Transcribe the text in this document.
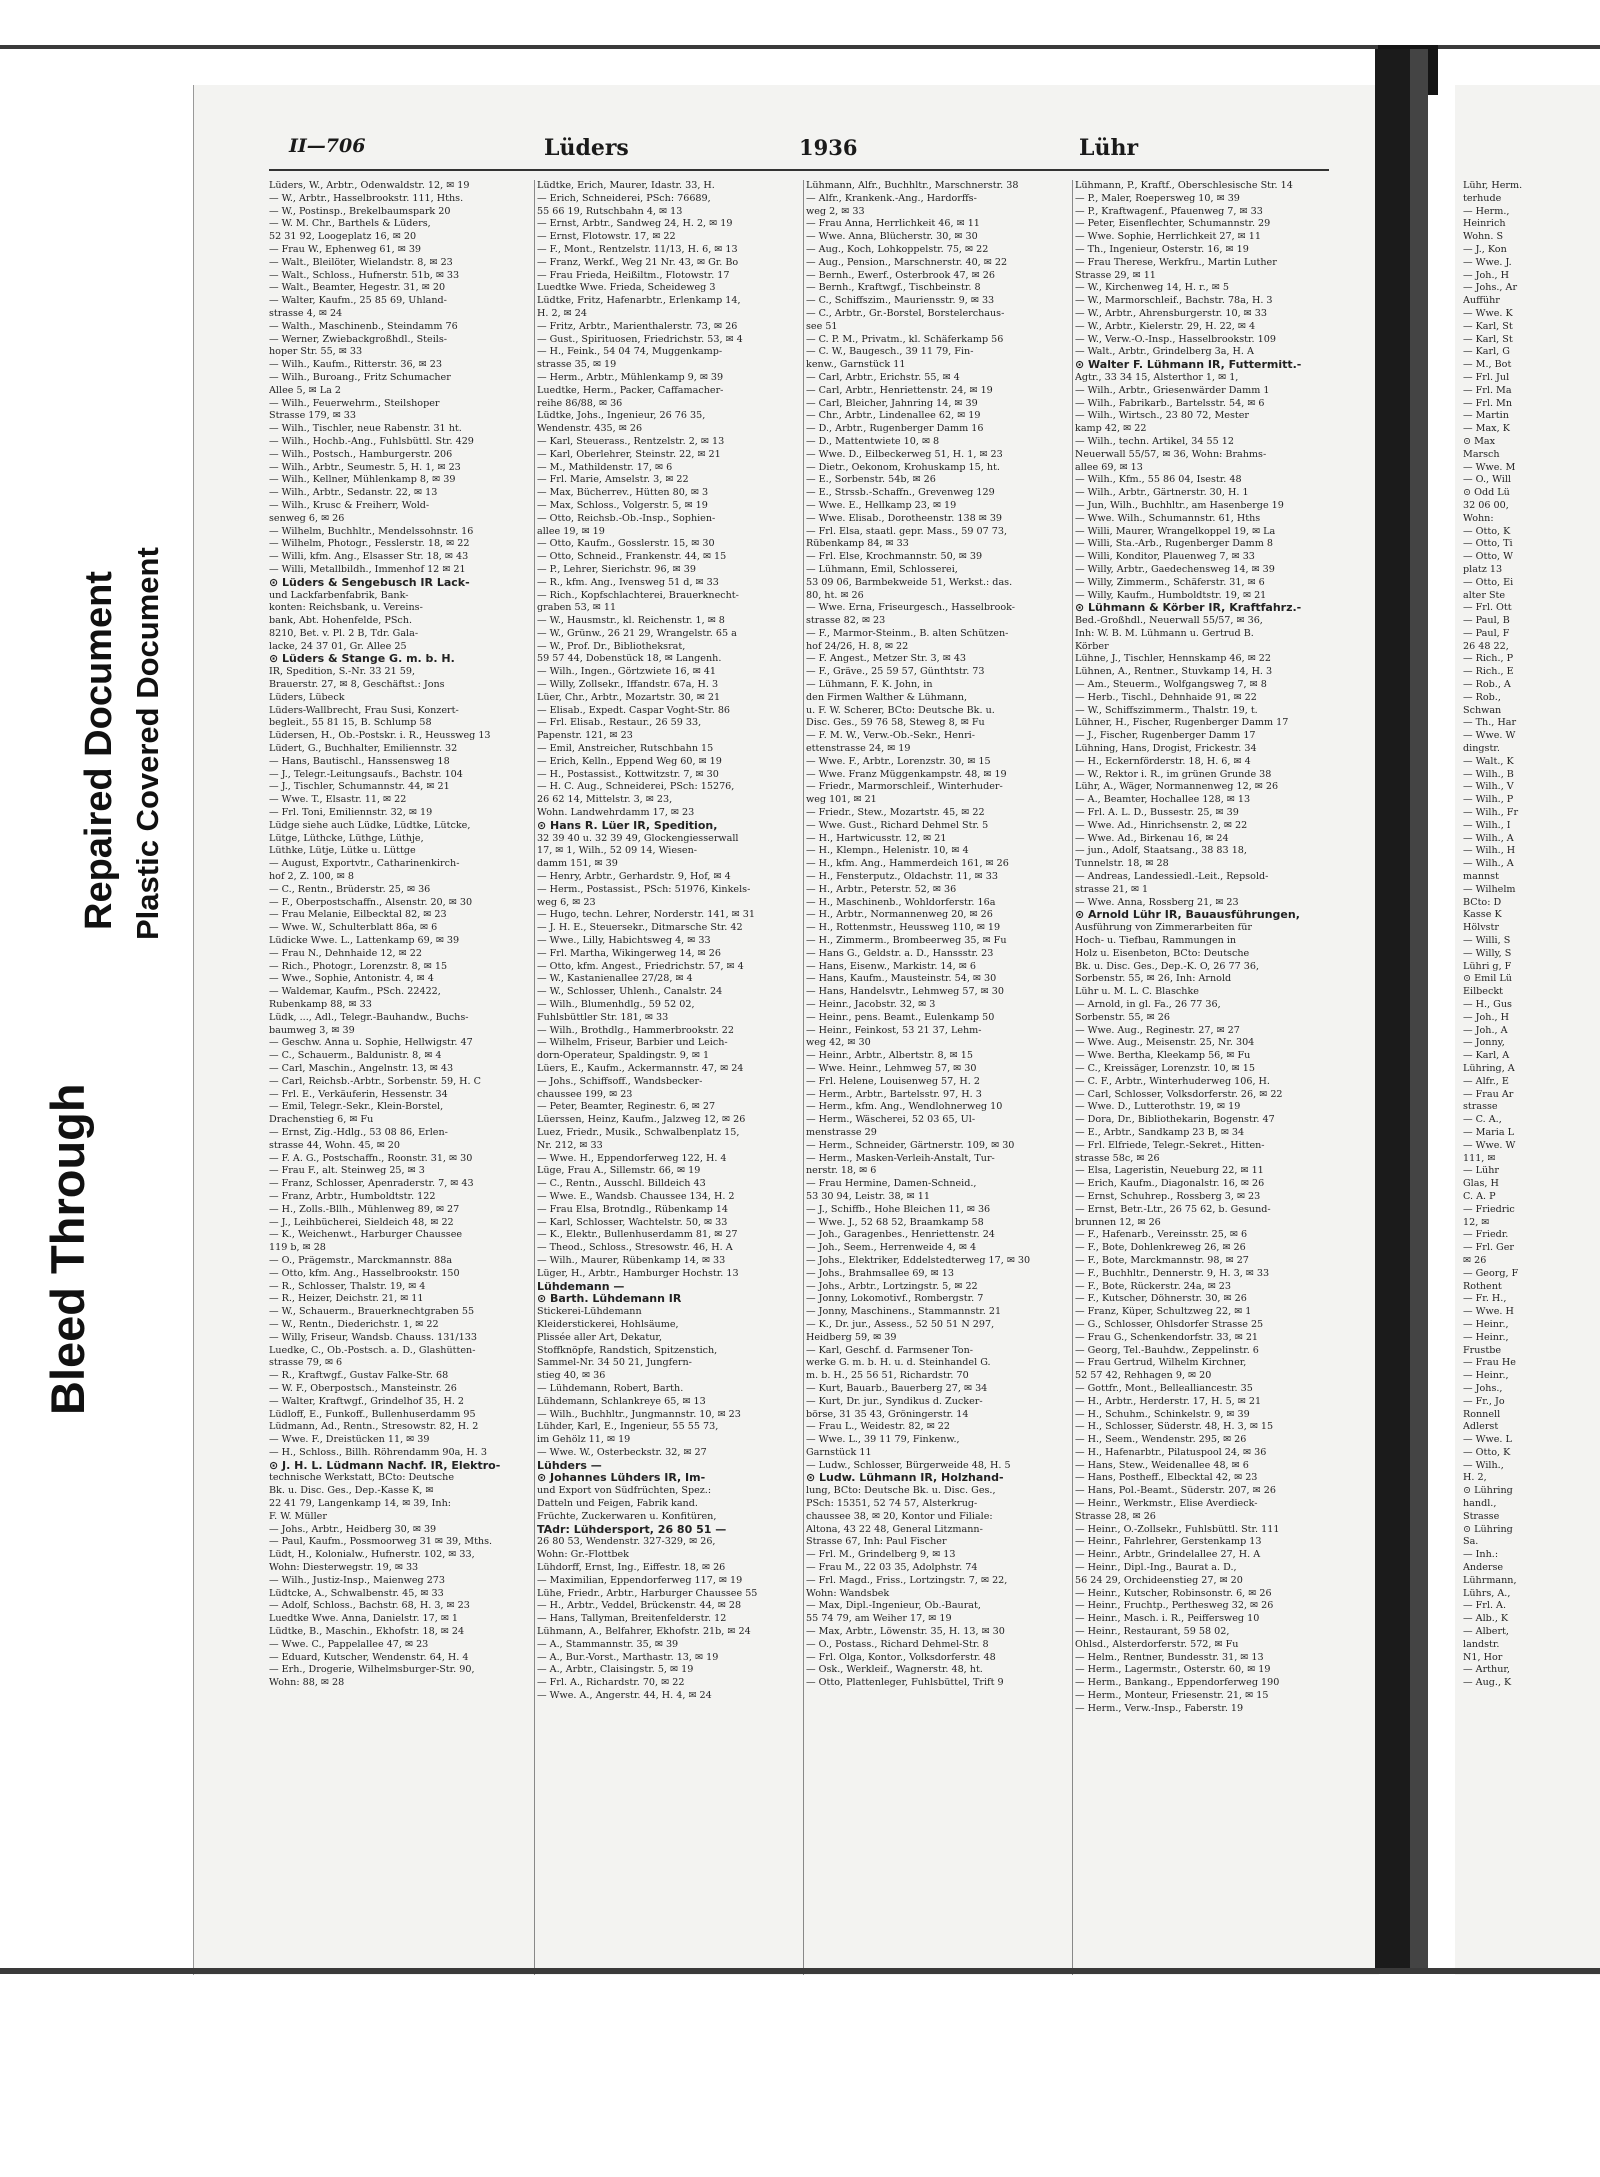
Bleed Through
Repaired Document Plastic Covered Document
II—706	Lüders	1936	Lühr
Lüders, W., Arbtr., Odenwaldstr. 12, ✉ 19
— W., Arbtr., Hasselbrookstr. 111, Hths.
— W., Postinsp., Brekelbaumspark 20
— W. M. Chr., Barthels & Lüders,
52 31 92, Loogeplatz 16, ✉ 20
— Frau W., Ephenweg 61, ✉ 39
— Walt., Bleilöter, Wielandstr. 8, ✉ 23
— Walt., Schloss., Hufnerstr. 51b, ✉ 33
— Walt., Beamter, Hegestr. 31, ✉ 20
— Walter, Kaufm., 25 85 69, Uhland-
strasse 4, ✉ 24
— Walth., Maschinenb., Steindamm 76
— Werner, Zwiebackgroßhdl., Steils-
hoper Str. 55, ✉ 33
— Wilh., Kaufm., Ritterstr. 36, ✉ 23
— Wilh., Buroang., Fritz Schumacher
Allee 5, ✉ La 2
— Wilh., Feuerwehrm., Steilshoper
Strasse 179, ✉ 33
— Wilh., Tischler, neue Rabenstr. 31 ht.
— Wilh., Hochb.-Ang., Fuhlsbüttl. Str. 429
— Wilh., Postsch., Hamburgerstr. 206
— Wilh., Arbtr., Seumestr. 5, H. 1, ✉ 23
— Wilh., Kellner, Mühlenkamp 8, ✉ 39
— Wilh., Arbtr., Sedanstr. 22, ✉ 13
— Wilh., Krusc & Freiherr, Wold-
senweg 6, ✉ 26
— Wilhelm, Buchhltr., Mendelssohnstr. 16
— Wilhelm, Photogr., Fesslerstr. 18, ✉ 22
— Willi, kfm. Ang., Elsasser Str. 18, ✉ 43
— Willi, Metallbildh., Immenhof 12 ✉ 21
⊙ Lüders & Sengebusch IR Lack-
und Lackfarbenfabrik, Bank-
konten: Reichsbank, u. Vereins-
bank, Abt. Hohenfelde, PSch.
8210, Bet. v. Pl. 2 B, Tdr. Gala-
lacke, 24 37 01, Gr. Allee 25
⊙ Lüders & Stange G. m. b. H.
IR, Spedition, S.-Nr. 33 21 59,
Brauerstr. 27, ✉ 8, Geschäftst.: Jons
Lüders, Lübeck
Lüders-Wallbrecht, Frau Susi, Konzert-
begleit., 55 81 15, B. Schlump 58
Lüdersen, H., Ob.-Postskr. i. R., Heussweg 13
Lüdert, G., Buchhalter, Emiliennstr. 32
— Hans, Bautischl., Hanssensweg 18
— J., Telegr.-Leitungsaufs., Bachstr. 104
— J., Tischler, Schumannstr. 44, ✉ 21
— Wwe. T., Elsastr. 11, ✉ 22
— Frl. Toni, Emiliennstr. 32, ✉ 19
Lüdge siehe auch Lüdke, Lüdtke, Lütcke,
Lütge, Lüthcke, Lüthge, Lüthje,
Lüthke, Lütje, Lütke u. Lüttge
— August, Exportvtr., Catharinenkirch-
hof 2, Z. 100, ✉ 8
— C., Rentn., Brüderstr. 25, ✉ 36
— F., Oberpostschaffn., Alsenstr. 20, ✉ 30
— Frau Melanie, Eilbecktal 82, ✉ 23
— Wwe. W., Schulterblatt 86a, ✉ 6
Lüdicke Wwe. L., Lattenkamp 69, ✉ 39
— Frau N., Dehnhaide 12, ✉ 22
— Rich., Photogr., Lorenzstr. 8, ✉ 15
— Wwe., Sophie, Antonistr. 4, ✉ 4
— Waldemar, Kaufm., PSch. 22422,
Rubenkamp 88, ✉ 33
Lüdk, ..., Adl., Telegr.-Bauhandw., Buchs-
baumweg 3, ✉ 39
— Geschw. Anna u. Sophie, Hellwigstr. 47
— C., Schauerm., Baldunistr. 8, ✉ 4
— Carl, Maschin., Angelnstr. 13, ✉ 43
— Carl, Reichsb.-Arbtr., Sorbenstr. 59, H. C
— Frl. E., Verkäuferin, Hessenstr. 34
— Emil, Telegr.-Sekr., Klein-Borstel,
Drachenstieg 6, ✉ Fu
— Ernst, Zig.-Hdlg., 53 08 86, Erlen-
strasse 44, Wohn. 45, ✉ 20
— F. A. G., Postschaffn., Roonstr. 31, ✉ 30
— Frau F., alt. Steinweg 25, ✉ 3
— Franz, Schlosser, Apenraderstr. 7, ✉ 43
— Franz, Arbtr., Humboldtstr. 122
— H., Zolls.-Bllh., Mühlenweg 89, ✉ 27
— J., Leihbücherei, Sieldeich 48, ✉ 22
— K., Weichenwt., Harburger Chaussee
119 b, ✉ 28
— O., Prägemstr., Marckmannstr. 88a
— Otto, kfm. Ang., Hasselbrookstr. 150
— R., Schlosser, Thalstr. 19, ✉ 4
— R., Heizer, Deichstr. 21, ✉ 11
— W., Schauerm., Brauerknechtgraben 55
— W., Rentn., Diederichstr. 1, ✉ 22
— Willy, Friseur, Wandsb. Chauss. 131/133
Luedke, C., Ob.-Postsch. a. D., Glashütten-
strasse 79, ✉ 6
— R., Kraftwgf., Gustav Falke-Str. 68
— W. F., Oberpostsch., Mansteinstr. 26
— Walter, Kraftwgf., Grindelhof 35, H. 2
Lüdloff, E., Funkoff., Bullenhuserdamm 95
Lüdmann, Ad., Rentn., Stresowstr. 82, H. 2
— Wwe. F., Dreistücken 11, ✉ 39
— H., Schloss., Billh. Röhrendamm 90a, H. 3
⊙ J. H. L. Lüdmann Nachf. IR, Elektro-
technische Werkstatt, BCto: Deutsche
Bk. u. Disc. Ges., Dep.-Kasse K, ✉
22 41 79, Langenkamp 14, ✉ 39, Inh:
F. W. Müller
— Johs., Arbtr., Heidberg 30, ✉ 39
— Paul, Kaufm., Possmoorweg 31 ✉ 39, Mths.
Lüdt, H., Kolonialw., Hufnerstr. 102, ✉ 33,
Wohn: Diesterwegstr. 19, ✉ 33
— Wilh., Justiz-Insp., Maienweg 273
Lüdtcke, A., Schwalbenstr. 45, ✉ 33
— Adolf, Schloss., Bachstr. 68, H. 3, ✉ 23
Luedtke Wwe. Anna, Danielstr. 17, ✉ 1
Lüdtke, B., Maschin., Ekhofstr. 18, ✉ 24
— Wwe. C., Pappelallee 47, ✉ 23
— Eduard, Kutscher, Wendenstr. 64, H. 4
— Erh., Drogerie, Wilhelmsburger-Str. 90,
Wohn: 88, ✉ 28
Lüdtke, Erich, Maurer, Idastr. 33, H.
— Erich, Schneiderei, PSch: 76689,
55 66 19, Rutschbahn 4, ✉ 13
— Ernst, Arbtr., Sandweg 24, H. 2, ✉ 19
— Ernst, Flotowstr. 17, ✉ 22
— F., Mont., Rentzelstr. 11/13, H. 6, ✉ 13
— Franz, Werkf., Weg 21 Nr. 43, ✉ Gr. Bo
— Frau Frieda, Heißiltm., Flotowstr. 17
Luedtke Wwe. Frieda, Scheideweg 3
Lüdtke, Fritz, Hafenarbtr., Erlenkamp 14,
H. 2, ✉ 24
— Fritz, Arbtr., Marienthalerstr. 73, ✉ 26
— Gust., Spirituosen, Friedrichstr. 53, ✉ 4
— H., Feink., 54 04 74, Muggenkamp-
strasse 35, ✉ 19
— Herm., Arbtr., Mühlenkamp 9, ✉ 39
Luedtke, Herm., Packer, Caffamacher-
reihe 86/88, ✉ 36
Lüdtke, Johs., Ingenieur, 26 76 35,
Wendenstr. 435, ✉ 26
— Karl, Steuerass., Rentzelstr. 2, ✉ 13
— Karl, Oberlehrer, Steinstr. 22, ✉ 21
— M., Mathildenstr. 17, ✉ 6
— Frl. Marie, Amselstr. 3, ✉ 22
— Max, Bücherrev., Hütten 80, ✉ 3
— Max, Schloss., Volgerstr. 5, ✉ 19
— Otto, Reichsb.-Ob.-Insp., Sophien-
allee 19, ✉ 19
— Otto, Kaufm., Gosslerstr. 15, ✉ 30
— Otto, Schneid., Frankenstr. 44, ✉ 15
— P., Lehrer, Sierichstr. 96, ✉ 39
— R., kfm. Ang., Ivensweg 51 d, ✉ 33
— Rich., Kopfschlachterei, Brauerknecht-
graben 53, ✉ 11
— W., Hausmstr., kl. Reichenstr. 1, ✉ 8
— W., Grünw., 26 21 29, Wrangelstr. 65 a
— W., Prof. Dr., Bibliotheksrat,
59 57 44, Dobenstück 18, ✉ Langenh.
— Wilh., Ingen., Görtzwiete 16, ✉ 41
— Willy, Zollsekr., Iffandstr. 67a, H. 3
Lüer, Chr., Arbtr., Mozartstr. 30, ✉ 21
— Elisab., Expedt. Caspar Voght-Str. 86
— Frl. Elisab., Restaur., 26 59 33,
Papenstr. 121, ✉ 23
— Emil, Anstreicher, Rutschbahn 15
— Erich, Kelln., Eppend Weg 60, ✉ 19
— H., Postassist., Kottwitzstr. 7, ✉ 30
— H. C. Aug., Schneiderei, PSch: 15276,
26 62 14, Mittelstr. 3, ✉ 23,
Wohn. Landwehrdamm 17, ✉ 23
⊙ Hans R. Lüer IR, Spedition,
32 39 40 u. 32 39 49, Glockengiesserwall
17, ✉ 1, Wilh., 52 09 14, Wiesen-
damm 151, ✉ 39
— Henry, Arbtr., Gerhardstr. 9, Hof, ✉ 4
— Herm., Postassist., PSch: 51976, Kinkels-
weg 6, ✉ 23
— Hugo, techn. Lehrer, Norderstr. 141, ✉ 31
— J. H. E., Steuersekr., Ditmarsche Str. 42
— Wwe., Lilly, Habichtsweg 4, ✉ 33
— Frl. Martha, Wikingerweg 14, ✉ 26
— Otto, kfm. Angest., Friedrichstr. 57, ✉ 4
— W., Kastanienallee 27/28, ✉ 4
— W., Schlosser, Uhlenh., Canalstr. 24
— Wilh., Blumenhdlg., 59 52 02,
Fuhlsbüttler Str. 181, ✉ 33
— Wilh., Brothdlg., Hammerbrookstr. 22
— Wilhelm, Friseur, Barbier und Leich-
dorn-Operateur, Spaldingstr. 9, ✉ 1
Lüers, E., Kaufm., Ackermannstr. 47, ✉ 24
— Johs., Schiffsoff., Wandsbecker-
chaussee 199, ✉ 23
— Peter, Beamter, Reginestr. 6, ✉ 27
Lüerssen, Heinz, Kaufm., Jalzweg 12, ✉ 26
Luez, Friedr., Musik., Schwalbenplatz 15,
Nr. 212, ✉ 33
— Wwe. H., Eppendorferweg 122, H. 4
Lüge, Frau A., Sillemstr. 66, ✉ 19
— C., Rentn., Ausschl. Billdeich 43
— Wwe. E., Wandsb. Chaussee 134, H. 2
— Frau Elsa, Brotndlg., Rübenkamp 14
— Karl, Schlosser, Wachtelstr. 50, ✉ 33
— K., Elektr., Bullenhuserdamm 81, ✉ 27
— Theod., Schloss., Stresowstr. 46, H. A
— Wilh., Maurer, Rübenkamp 14, ✉ 33
Lüger, H., Arbtr., Hamburger Hochstr. 13
Lühdemann —
⊙ Barth. Lühdemann IR
Stickerei-Lühdemann
Kleiderstickerei, Hohlsäume,
Plissée aller Art, Dekatur,
Stoffknöpfe, Randstich, Spitzenstich,
Sammel-Nr. 34 50 21, Jungfern-
stieg 40, ✉ 36
— Lühdemann, Robert, Barth.
Lühdemann, Schlankreye 65, ✉ 13
— Wilh., Buchhltr., Jungmannstr. 10, ✉ 23
Lühder, Karl, E., Ingenieur, 55 55 73,
im Gehölz 11, ✉ 19
— Wwe. W., Osterbeckstr. 32, ✉ 27
Lühders —
⊙ Johannes Lühders IR, Im-
und Export von Südfrüchten, Spez.:
Datteln und Feigen, Fabrik kand.
Früchte, Zuckerwaren u. Konfitüren,
TAdr: Lühdersport, 26 80 51 —
26 80 53, Wendenstr. 327-329, ✉ 26,
Wohn: Gr.-Flottbek
Lühdorff, Ernst, Ing., Eiffestr. 18, ✉ 26
— Maximilian, Eppendorferweg 117, ✉ 19
Lühe, Friedr., Arbtr., Harburger Chaussee 55
— H., Arbtr., Veddel, Brückenstr. 44, ✉ 28
— Hans, Tallyman, Breitenfelderstr. 12
Lühmann, A., Belfahrer, Ekhofstr. 21b, ✉ 24
— A., Stammannstr. 35, ✉ 39
— A., Bur.-Vorst., Marthastr. 13, ✉ 19
— A., Arbtr., Claisingstr. 5, ✉ 19
— Frl. A., Richardstr. 70, ✉ 22
— Wwe. A., Angerstr. 44, H. 4, ✉ 24
Lühmann, Alfr., Buchhltr., Marschnerstr. 38
— Alfr., Krankenk.-Ang., Hardorffs-
weg 2, ✉ 33
— Frau Anna, Herrlichkeit 46, ✉ 11
— Wwe. Anna, Blücherstr. 30, ✉ 30
— Aug., Koch, Lohkoppelstr. 75, ✉ 22
— Aug., Pension., Marschnerstr. 40, ✉ 22
— Bernh., Ewerf., Osterbrook 47, ✉ 26
— Bernh., Kraftwgf., Tischbeinstr. 8
— C., Schiffszim., Mauriensstr. 9, ✉ 33
— C., Arbtr., Gr.-Borstel, Borstelerchaus-
see 51
— C. P. M., Privatm., kl. Schäferkamp 56
— C. W., Baugesch., 39 11 79, Fin-
kenw., Garnstück 11
— Carl, Arbtr., Erichstr. 55, ✉ 4
— Carl, Arbtr., Henriettenstr. 24, ✉ 19
— Carl, Bleicher, Jahnring 14, ✉ 39
— Chr., Arbtr., Lindenallee 62, ✉ 19
— D., Arbtr., Rugenberger Damm 16
— D., Mattentwiete 10, ✉ 8
— Wwe. D., Eilbeckerweg 51, H. 1, ✉ 23
— Dietr., Oekonom, Krohuskamp 15, ht.
— E., Sorbenstr. 54b, ✉ 26
— E., Strssb.-Schaffn., Grevenweg 129
— Wwe. E., Hellkamp 23, ✉ 19
— Wwe. Elisab., Dorotheenstr. 138 ✉ 39
— Frl. Elsa, staatl. gepr. Mass., 59 07 73,
Rübenkamp 84, ✉ 33
— Frl. Else, Krochmannstr. 50, ✉ 39
— Lühmann, Emil, Schlosserei,
53 09 06, Barmbekweide 51, Werkst.: das.
80, ht. ✉ 26
— Wwe. Erna, Friseurgesch., Hasselbrook-
strasse 82, ✉ 23
— F., Marmor-Steinm., B. alten Schützen-
hof 24/26, H. 8, ✉ 22
— F. Angest., Metzer Str. 3, ✉ 43
— F., Gräve., 25 59 57, Günthtstr. 73
— Lühmann, F. K. John, in
den Firmen Walther & Lühmann,
u. F. W. Scherer, BCto: Deutsche Bk. u.
Disc. Ges., 59 76 58, Steweg 8, ✉ Fu
— F. M. W., Verw.-Ob.-Sekr., Henri-
ettenstrasse 24, ✉ 19
— Wwe. F., Arbtr., Lorenzstr. 30, ✉ 15
— Wwe. Franz Müggenkampstr. 48, ✉ 19
— Friedr., Marmorschleif., Winterhuder-
weg 101, ✉ 21
— Friedr., Stew., Mozartstr. 45, ✉ 22
— Wwe. Gust., Richard Dehmel Str. 5
— H., Hartwicusstr. 12, ✉ 21
— H., Klempn., Helenistr. 10, ✉ 4
— H., kfm. Ang., Hammerdeich 161, ✉ 26
— H., Fensterputz., Oldachstr. 11, ✉ 33
— H., Arbtr., Peterstr. 52, ✉ 36
— H., Maschinenb., Wohldorferstr. 16a
— H., Arbtr., Normannenweg 20, ✉ 26
— H., Rottenmstr., Heussweg 110, ✉ 19
— H., Zimmerm., Brombeerweg 35, ✉ Fu
— Hans G., Geldstr. a. D., Hanssstr. 23
— Hans, Eisenw., Markistr. 14, ✉ 6
— Hans, Kaufm., Mausteinstr. 54, ✉ 30
— Hans, Handelsvtr., Lehmweg 57, ✉ 30
— Heinr., Jacobstr. 32, ✉ 3
— Heinr., pens. Beamt., Eulenkamp 50
— Heinr., Feinkost, 53 21 37, Lehm-
weg 42, ✉ 30
— Heinr., Arbtr., Albertstr. 8, ✉ 15
— Wwe. Heinr., Lehmweg 57, ✉ 30
— Frl. Helene, Louisenweg 57, H. 2
— Herm., Arbtr., Bartelsstr. 97, H. 3
— Herm., kfm. Ang., Wendlohnerweg 10
— Herm., Wäscherei, 52 03 65, Ul-
menstrasse 29
— Herm., Schneider, Gärtnerstr. 109, ✉ 30
— Herm., Masken-Verleih-Anstalt, Tur-
nerstr. 18, ✉ 6
— Frau Hermine, Damen-Schneid.,
53 30 94, Leistr. 38, ✉ 11
— J., Schiffb., Hohe Bleichen 11, ✉ 36
— Wwe. J., 52 68 52, Braamkamp 58
— Joh., Garagenbes., Henriettenstr. 24
— Joh., Seem., Herrenweide 4, ✉ 4
— Johs., Elektriker, Eddelstedterweg 17, ✉ 30
— Johs., Brahmsallee 69, ✉ 13
— Johs., Arbtr., Lortzingstr. 5, ✉ 22
— Jonny, Lokomotivf., Rombergstr. 7
— Jonny, Maschinens., Stammannstr. 21
— K., Dr. jur., Assess., 52 50 51 N 297,
Heidberg 59, ✉ 39
— Karl, Geschf. d. Farmsener Ton-
werke G. m. b. H. u. d. Steinhandel G.
m. b. H., 25 56 51, Richardstr. 70
— Kurt, Bauarb., Bauerberg 27, ✉ 34
— Kurt, Dr. jur., Syndikus d. Zucker-
börse, 31 35 43, Gröningerstr. 14
— Frau L., Weidestr. 82, ✉ 22
— Wwe. L., 39 11 79, Finkenw.,
Garnstück 11
— Ludw., Schlosser, Bürgerweide 48, H. 5
⊙ Ludw. Lühmann IR, Holzhand-
lung, BCto: Deutsche Bk. u. Disc. Ges.,
PSch: 15351, 52 74 57, Alsterkrug-
chaussee 38, ✉ 20, Kontor und Filiale:
Altona, 43 22 48, General Litzmann-
Strasse 67, Inh: Paul Fischer
— Frl. M., Grindelberg 9, ✉ 13
— Frau M., 22 03 35, Adolphstr. 74
— Frl. Magd., Friss., Lortzingstr. 7, ✉ 22,
Wohn: Wandsbek
— Max, Dipl.-Ingenieur, Ob.-Baurat,
55 74 79, am Weiher 17, ✉ 19
— Max, Arbtr., Löwenstr. 35, H. 13, ✉ 30
— O., Postass., Richard Dehmel-Str. 8
— Frl. Olga, Kontor., Volksdorferstr. 48
— Osk., Werkleif., Wagnerstr. 48, ht.
— Otto, Plattenleger, Fuhlsbüttel, Trift 9
Lühmann, P., Kraftf., Oberschlesische Str. 14
— P., Maler, Roepersweg 10, ✉ 39
— P., Kraftwagenf., Pfauenweg 7, ✉ 33
— Peter, Eisenflechter, Schumannstr. 29
— Wwe. Sophie, Herrlichkeit 27, ✉ 11
— Th., Ingenieur, Osterstr. 16, ✉ 19
— Frau Therese, Werkfru., Martin Luther
Strasse 29, ✉ 11
— W., Kirchenweg 14, H. r., ✉ 5
— W., Marmorschleif., Bachstr. 78a, H. 3
— W., Arbtr., Ahrensburgerstr. 10, ✉ 33
— W., Arbtr., Kielerstr. 29, H. 22, ✉ 4
— W., Verw.-O.-Insp., Hasselbrookstr. 109
— Walt., Arbtr., Grindelberg 3a, H. A
⊙ Walter F. Lühmann IR, Futtermitt.-
Agtr., 33 34 15, Alsterthor 1, ✉ 1,
— Wilh., Arbtr., Griesenwärder Damm 1
— Wilh., Fabrikarb., Bartelsstr. 54, ✉ 6
— Wilh., Wirtsch., 23 80 72, Mester
kamp 42, ✉ 22
— Wilh., techn. Artikel, 34 55 12
Neuerwall 55/57, ✉ 36, Wohn: Brahms-
allee 69, ✉ 13
— Wilh., Kfm., 55 86 04, Isestr. 48
— Wilh., Arbtr., Gärtnerstr. 30, H. 1
— Jun, Wilh., Buchhltr., am Hasenberge 19
— Wwe. Wilh., Schumannstr. 61, Hths
— Willi, Maurer, Wrangelkoppel 19, ✉ La
— Willi, Sta.-Arb., Rugenberger Damm 8
— Willi, Konditor, Plauenweg 7, ✉ 33
— Willy, Arbtr., Gaedechensweg 14, ✉ 39
— Willy, Zimmerm., Schäferstr. 31, ✉ 6
— Willy, Kaufm., Humboldtstr. 19, ✉ 21
⊙ Lühmann & Körber IR, Kraftfahrz.-
Bed.-Großhdl., Neuerwall 55/57, ✉ 36,
Inh: W. B. M. Lühmann u. Gertrud B.
Körber
Lühne, J., Tischler, Hennskamp 46, ✉ 22
Lühnen, A., Rentner., Stuvkamp 14, H. 3
— Am., Steuerm., Wolfgangsweg 7, ✉ 8
— Herb., Tischl., Dehnhaide 91, ✉ 22
— W., Schiffszimmerm., Thalstr. 19, t.
Lühner, H., Fischer, Rugenberger Damm 17
— J., Fischer, Rugenberger Damm 17
Lühning, Hans, Drogist, Frickestr. 34
— H., Eckernförderstr. 18, H. 6, ✉ 4
— W., Rektor i. R., im grünen Grunde 38
Lühr, A., Wäger, Normannenweg 12, ✉ 26
— A., Beamter, Hochallee 128, ✉ 13
— Frl. A. L. D., Bussestr. 25, ✉ 39
— Wwe. Ad., Hinrichsenstr. 2, ✉ 22
— Wwe. Ad., Birkenau 16, ✉ 24
— jun., Adolf, Staatsang., 38 83 18,
Tunnelstr. 18, ✉ 28
— Andreas, Landessiedl.-Leit., Repsold-
strasse 21, ✉ 1
— Wwe. Anna, Rossberg 21, ✉ 23
⊙ Arnold Lühr IR, Bauausführungen,
Ausführung von Zimmerarbeiten für
Hoch- u. Tiefbau, Rammungen in
Holz u. Eisenbeton, BCto: Deutsche
Bk. u. Disc. Ges., Dep.-K. O, 26 77 36,
Sorbenstr. 55, ✉ 26, Inh: Arnold
Lühr u. M. L. C. Blaschke
— Arnold, in gl. Fa., 26 77 36,
Sorbenstr. 55, ✉ 26
— Wwe. Aug., Reginestr. 27, ✉ 27
— Wwe. Aug., Meisenstr. 25, Nr. 304
— Wwe. Bertha, Kleekamp 56, ✉ Fu
— C., Kreissäger, Lorenzstr. 10, ✉ 15
— C. F., Arbtr., Winterhuderweg 106, H.
— Carl, Schlosser, Volksdorferstr. 26, ✉ 22
— Wwe. D., Lutterothstr. 19, ✉ 19
— Dora, Dr., Bibliothekarin, Bogenstr. 47
— E., Arbtr., Sandkamp 23 B, ✉ 34
— Frl. Elfriede, Telegr.-Sekret., Hitten-
strasse 58c, ✉ 26
— Elsa, Lageristin, Neueburg 22, ✉ 11
— Erich, Kaufm., Diagonalstr. 16, ✉ 26
— Ernst, Schuhrep., Rossberg 3, ✉ 23
— Ernst, Betr.-Ltr., 26 75 62, b. Gesund-
brunnen 12, ✉ 26
— F., Hafenarb., Vereinsstr. 25, ✉ 6
— F., Bote, Dohlenkreweg 26, ✉ 26
— F., Bote, Marckmannstr. 98, ✉ 27
— F., Buchhltr., Dennerstr. 9, H. 3, ✉ 33
— F., Bote, Rückerstr. 24a, ✉ 23
— F., Kutscher, Döhnerstr. 30, ✉ 26
— Franz, Küper, Schultzweg 22, ✉ 1
— G., Schlosser, Ohlsdorfer Strasse 25
— Frau G., Schenkendorfstr. 33, ✉ 21
— Georg, Tel.-Bauhdw., Zeppelinstr. 6
— Frau Gertrud, Wilhelm Kirchner,
52 57 42, Rehhagen 9, ✉ 20
— Gottfr., Mont., Bellealliancestr. 35
— H., Arbtr., Herderstr. 17, H. 5, ✉ 21
— H., Schuhm., Schinkelstr. 9, ✉ 39
— H., Schlosser, Süderstr. 48, H. 3, ✉ 15
— H., Seem., Wendenstr. 295, ✉ 26
— H., Hafenarbtr., Pilatuspool 24, ✉ 36
— Hans, Stew., Weidenallee 48, ✉ 6
— Hans, Postheff., Elbecktal 42, ✉ 23
— Hans, Pol.-Beamt., Süderstr. 207, ✉ 26
— Heinr., Werkmstr., Elise Averdieck-
Strasse 28, ✉ 26
— Heinr., O.-Zollsekr., Fuhlsbüttl. Str. 111
— Heinr., Fahrlehrer, Gerstenkamp 13
— Heinr., Arbtr., Grindelallee 27, H. A
— Heinr., Dipl.-Ing., Baurat a. D.,
56 24 29, Orchideenstieg 27, ✉ 20
— Heinr., Kutscher, Robinsonstr. 6, ✉ 26
— Heinr., Fruchtp., Perthesweg 32, ✉ 26
— Heinr., Masch. i. R., Peiffersweg 10
— Heinr., Restaurant, 59 58 02,
Ohlsd., Alsterdorferstr. 572, ✉ Fu
— Helm., Rentner, Bundesstr. 31, ✉ 13
— Herm., Lagermstr., Osterstr. 60, ✉ 19
— Herm., Bankang., Eppendorferweg 190
— Herm., Monteur, Friesenstr. 21, ✉ 15
— Herm., Verw.-Insp., Faberstr. 19
Lühr, Herm.
terhude
— Herm.,
Heinrich
Wohn. S
— J., Kon
— Wwe. J.
— Joh., H
— Johs., Ar
Aufführ
— Wwe. K
— Karl, St
— Karl, St
— Karl, G
— M., Bot
— Frl. Jul
— Frl. Ma
— Frl. Mn
— Martin
— Max, K
⊙ Max
Marsch
— Wwe. M
— O., Will
⊙ Odd Lü
32 06 00,
Wohn:
— Otto, K
— Otto, Ti
— Otto, W
platz 13
— Otto, Ei
alter Ste
— Frl. Ott
— Paul, B
— Paul, F
26 48 22,
— Rich., P
— Rich., E
— Rob., A
— Rob.,
Schwan
— Th., Har
— Wwe. W
dingstr.
— Walt., K
— Wilh., B
— Wilh., V
— Wilh., P
— Wilh., Fr
— Wilh., I
— Wilh., A
— Wilh., H
— Wilh., A
mannst
— Wilhelm
BCto: D
Kasse K
Hölvstr
— Willi, S
— Willy, S
Lühri g, F
⊙ Emil Lü
Eilbeckt
— H., Gus
— Joh., H
— Joh., A
— Jonny,
— Karl, A
Lühring, A
— Alfr., E
— Frau Ar
strasse
— C. A.,
— Maria L
— Wwe. W
111, ✉
— Lühr
Glas, H
C. A. P
— Friedric
12, ✉
— Friedr.
— Frl. Ger
✉ 26
— Georg, F
Rothent
— Fr. H.,
— Wwe. H
— Heinr.,
— Heinr.,
Frustbe
— Frau He
— Heinr.,
— Johs.,
— Fr., Jo
Ronnell
Adlerst
— Wwe. L
— Otto, K
— Wilh.,
H. 2,
⊙ Lühring
handl.,
Strasse
⊙ Lühring
Sa.
— Inh.:
Anderse
Lührmann,
Lührs, A.,
— Frl. A.
— Alb., K
— Albert,
landstr.
N1, Hor
— Arthur,
— Aug., K
